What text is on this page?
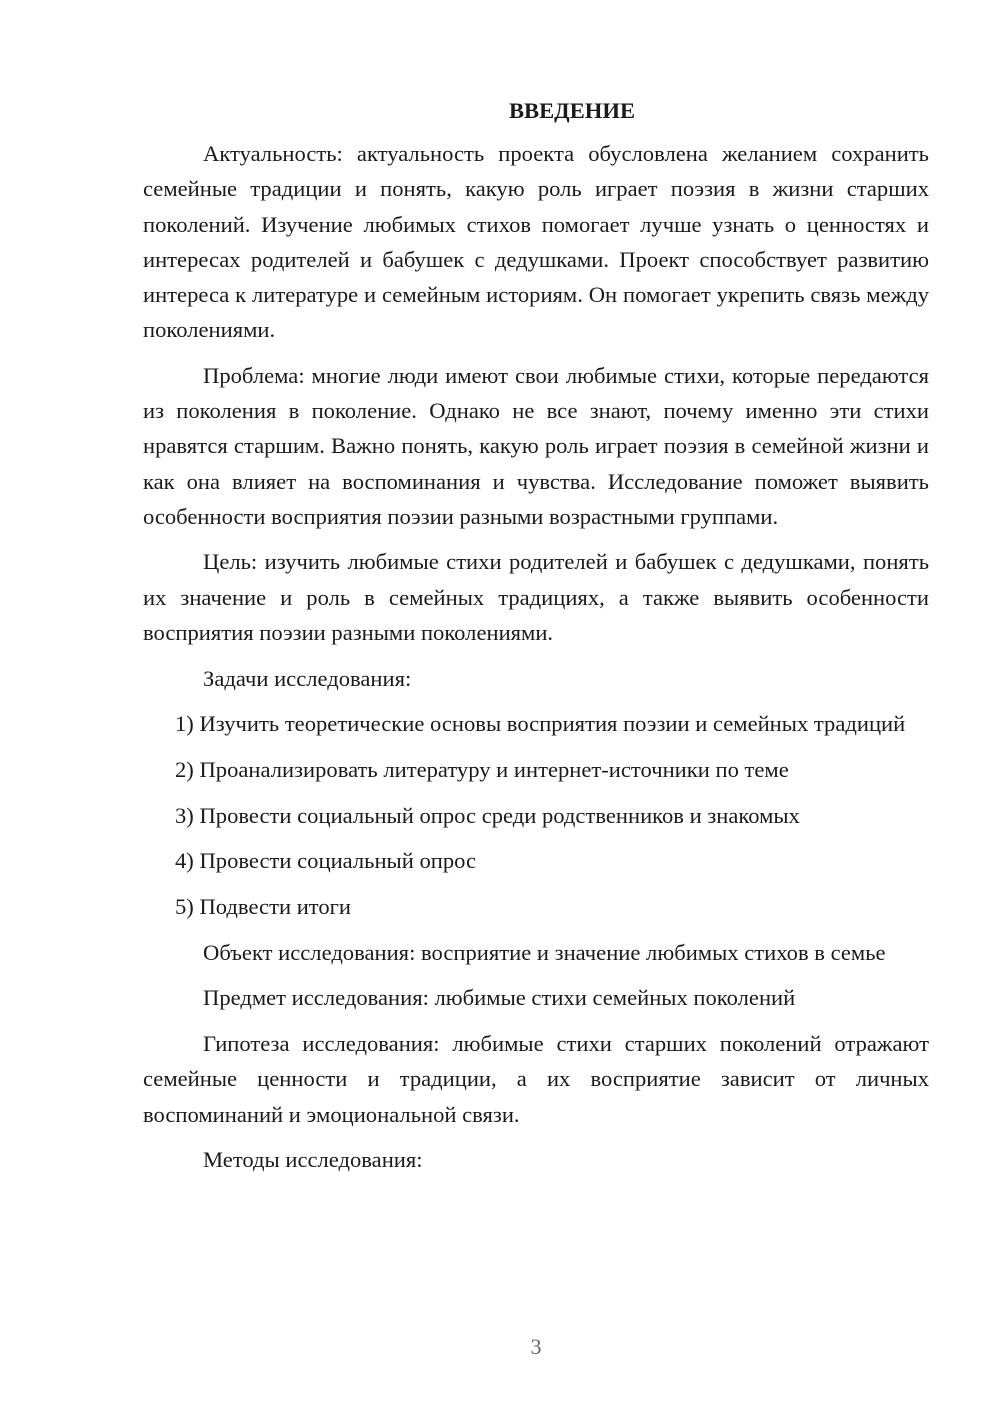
ВВЕДЕНИЕ

Актуальность: актуальность проекта обусловлена желанием сохранить семейные традиции и понять, какую роль играет поэзия в жизни старших поколений. Изучение любимых стихов помогает лучше узнать о ценностях и интересах родителей и бабушек с дедушками. Проект способствует развитию интереса к литературе и семейным историям. Он помогает укрепить связь между поколениями.

Проблема: многие люди имеют свои любимые стихи, которые передаются из поколения в поколение. Однако не все знают, почему именно эти стихи нравятся старшим. Важно понять, какую роль играет поэзия в семейной жизни и как она влияет на воспоминания и чувства. Исследование поможет выявить особенности восприятия поэзии разными возрастными группами.

Цель: изучить любимые стихи родителей и бабушек с дедушками, понять их значение и роль в семейных традициях, а также выявить особенности восприятия поэзии разными поколениями.

Задачи исследования:

1) Изучить теоретические основы восприятия поэзии и семейных традиций

2) Проанализировать литературу и интернет-источники по теме

3) Провести социальный опрос среди родственников и знакомых

4) Провести социальный опрос

5) Подвести итоги

Объект исследования: восприятие и значение любимых стихов в семье

Предмет исследования: любимые стихи семейных поколений

Гипотеза исследования: любимые стихи старших поколений отражают семейные ценности и традиции, а их восприятие зависит от личных воспоминаний и эмоциональной связи.

Методы исследования:

3
